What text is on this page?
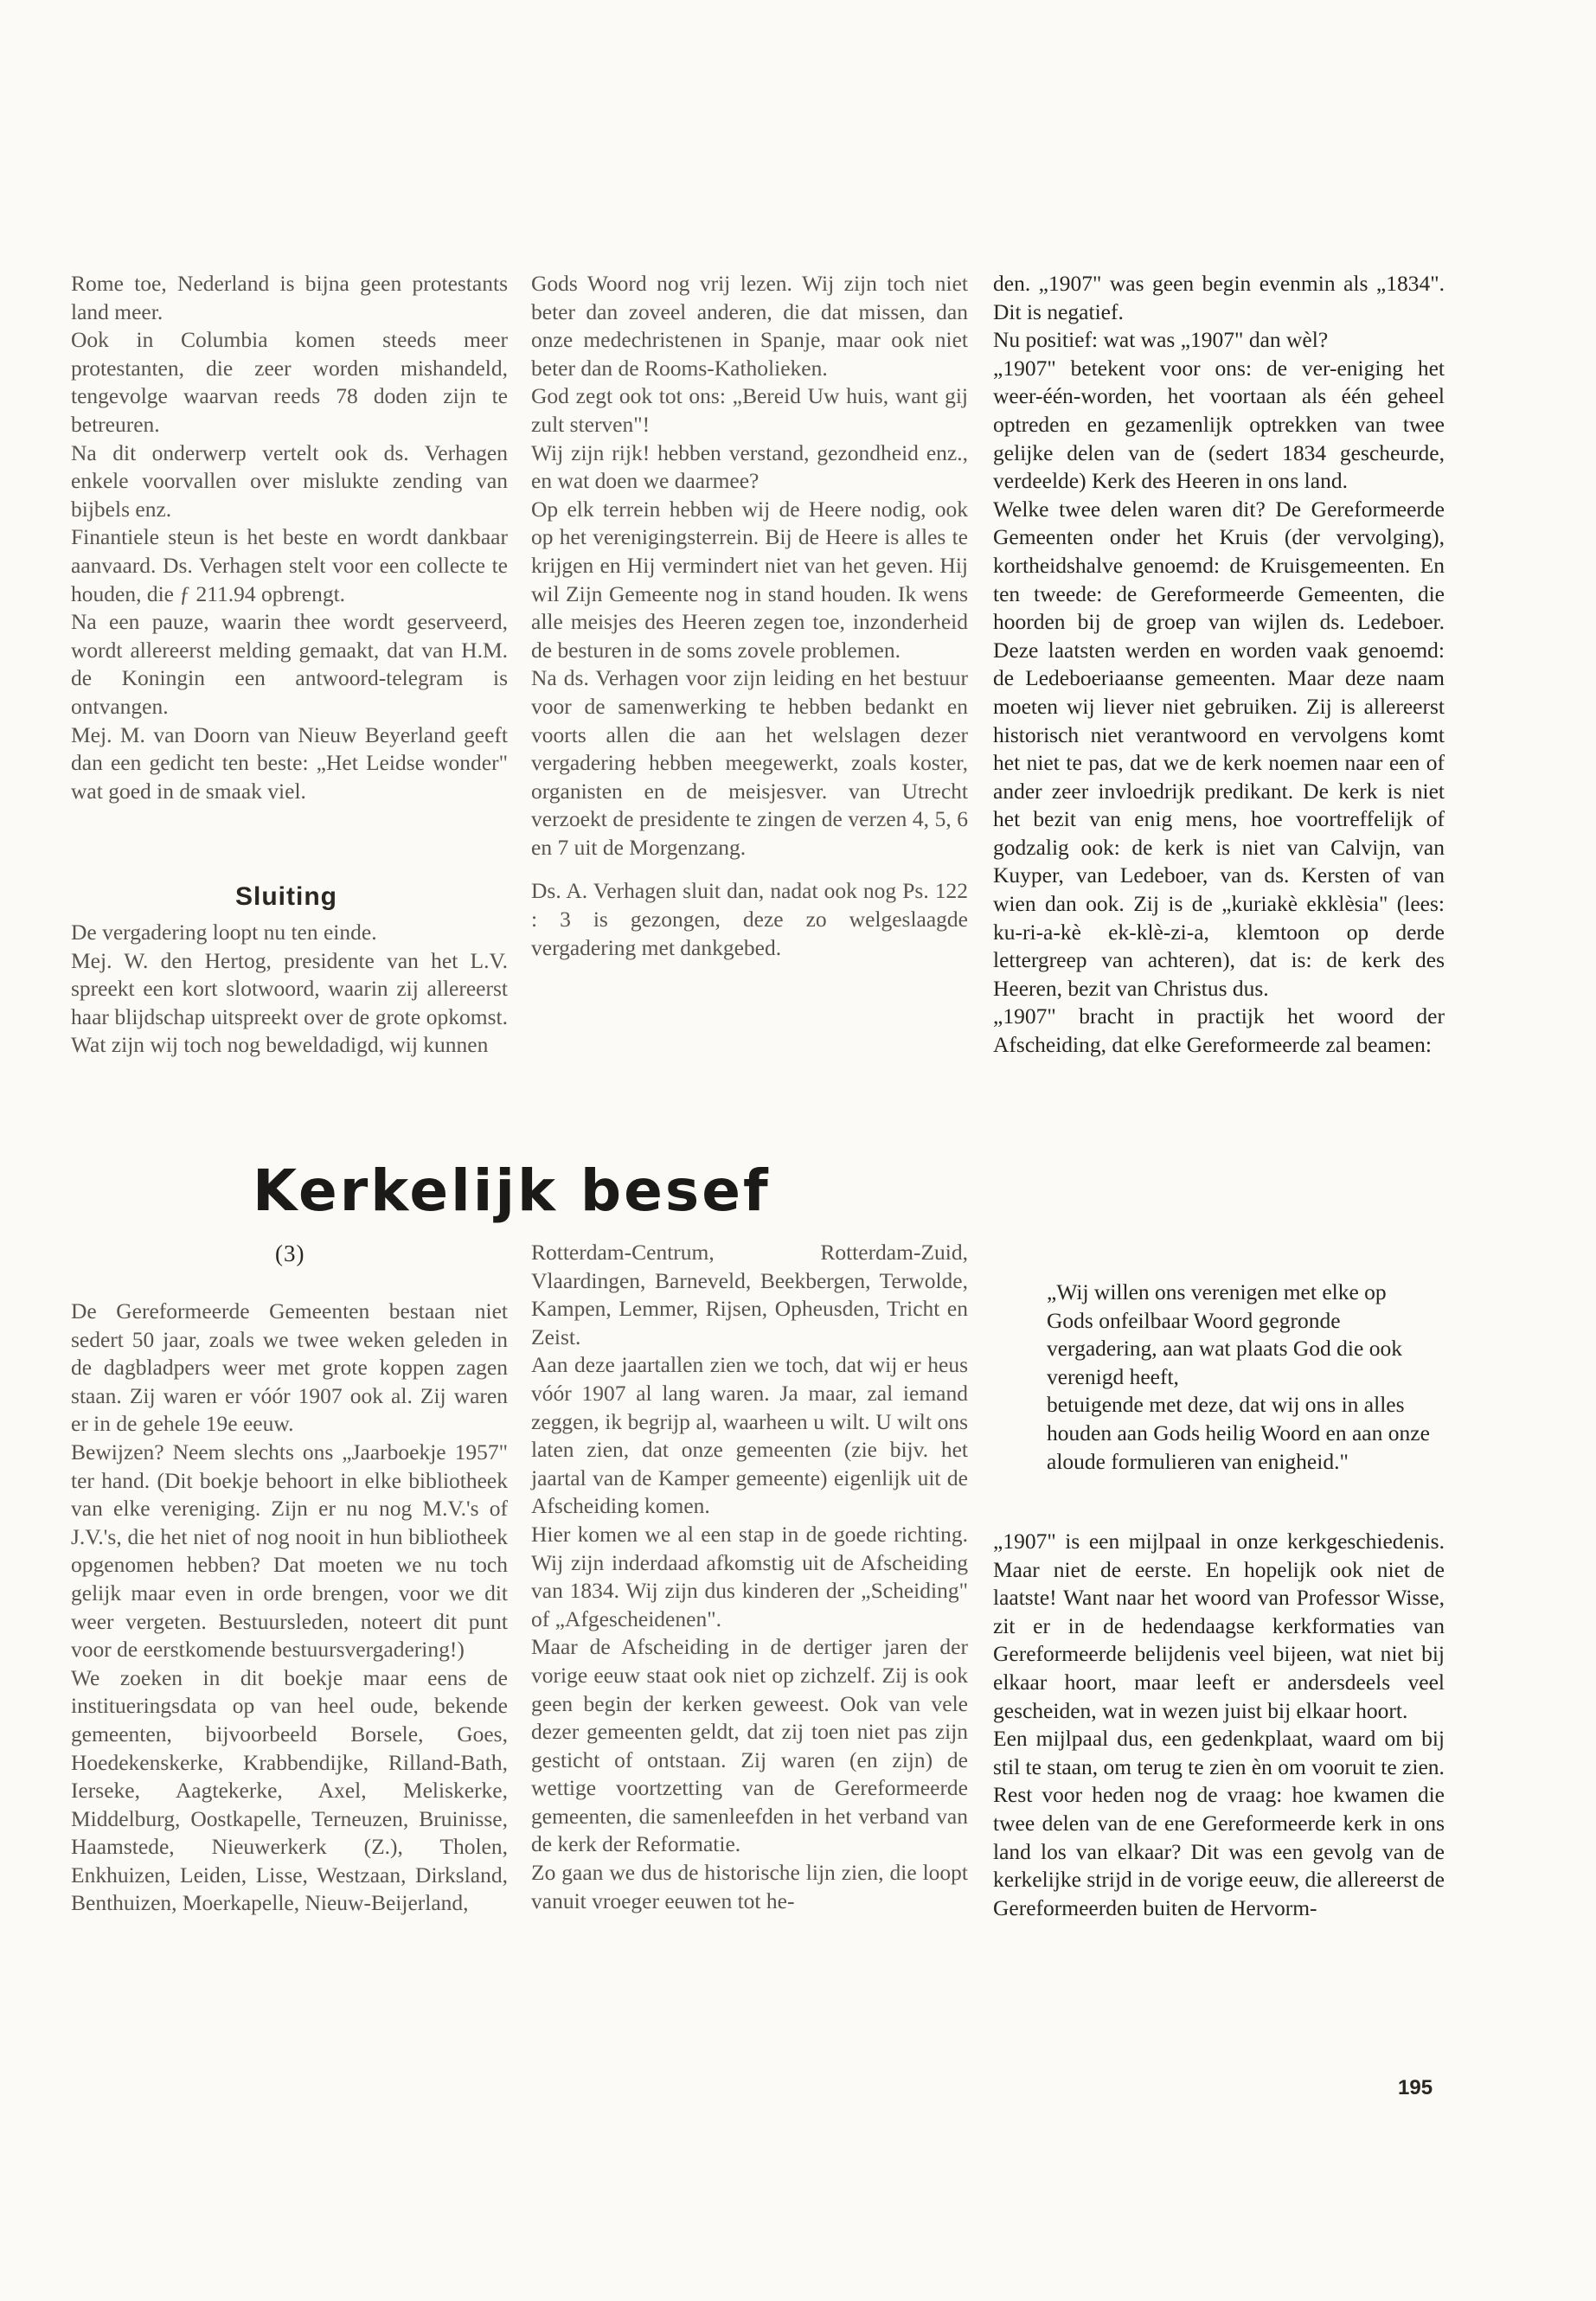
Rome toe, Nederland is bijna geen protestants land meer.

Ook in Columbia komen steeds meer protestanten, die zeer worden mishandeld, tengevolge waarvan reeds 78 doden zijn te betreuren.

Na dit onderwerp vertelt ook ds. Verhagen enkele voorvallen over mislukte zending van bijbels enz.

Finantiele steun is het beste en wordt dankbaar aanvaard. Ds. Verhagen stelt voor een collecte te houden, die ƒ 211.94 opbrengt.

Na een pauze, waarin thee wordt geserveerd, wordt allereerst melding gemaakt, dat van H.M. de Koningin een antwoord-telegram is ontvangen.

Mej. M. van Doorn van Nieuw Beyerland geeft dan een gedicht ten beste: „Het Leidse wonder" wat goed in de smaak viel.

Sluiting

De vergadering loopt nu ten einde.

Mej. W. den Hertog, presidente van het L.V. spreekt een kort slotwoord, waarin zij allereerst haar blijdschap uitspreekt over de grote opkomst. Wat zijn wij toch nog beweldadigd, wij kunnen

Gods Woord nog vrij lezen. Wij zijn toch niet beter dan zoveel anderen, die dat missen, dan onze medechristenen in Spanje, maar ook niet beter dan de Rooms-Katholieken.

God zegt ook tot ons: „Bereid Uw huis, want gij zult sterven"!

Wij zijn rijk! hebben verstand, gezondheid enz., en wat doen we daarmee?

Op elk terrein hebben wij de Heere nodig, ook op het verenigingsterrein. Bij de Heere is alles te krijgen en Hij vermindert niet van het geven. Hij wil Zijn Gemeente nog in stand houden. Ik wens alle meisjes des Heeren zegen toe, inzonderheid de besturen in de soms zovele problemen.

Na ds. Verhagen voor zijn leiding en het bestuur voor de samenwerking te hebben bedankt en voorts allen die aan het welslagen dezer vergadering hebben meegewerkt, zoals koster, organisten en de meisjesver. van Utrecht verzoekt de presidente te zingen de verzen 4, 5, 6 en 7 uit de Morgenzang.

Ds. A. Verhagen sluit dan, nadat ook nog Ps. 122 : 3 is gezongen, deze zo welgeslaagde vergadering met dankgebed.

den. „1907" was geen begin evenmin als „1834". Dit is negatief.

Nu positief: wat was „1907" dan wèl?

„1907" betekent voor ons: de ver-eniging het weer-één-worden, het voortaan als één geheel optreden en gezamenlijk optrekken van twee gelijke delen van de (sedert 1834 gescheurde, verdeelde) Kerk des Heeren in ons land.

Welke twee delen waren dit? De Gereformeerde Gemeenten onder het Kruis (der vervolging), kortheidshalve genoemd: de Kruisgemeenten. En ten tweede: de Gereformeerde Gemeenten, die hoorden bij de groep van wijlen ds. Ledeboer. Deze laatsten werden en worden vaak genoemd: de Ledeboeriaanse gemeenten. Maar deze naam moeten wij liever niet gebruiken. Zij is allereerst historisch niet verantwoord en vervolgens komt het niet te pas, dat we de kerk noemen naar een of ander zeer invloedrijk predikant. De kerk is niet het bezit van enig mens, hoe voortreffelijk of godzalig ook: de kerk is niet van Calvijn, van Kuyper, van Ledeboer, van ds. Kersten of van wien dan ook. Zij is de „kuriakè ekklèsia" (lees: ku-ri-a-kè ek-klè-zi-a, klemtoon op derde lettergreep van achteren), dat is: de kerk des Heeren, bezit van Christus dus.

„1907" bracht in practijk het woord der Afscheiding, dat elke Gereformeerde zal beamen:

Kerkelijk besef
(3)

De Gereformeerde Gemeenten bestaan niet sedert 50 jaar, zoals we twee weken geleden in de dagbladpers weer met grote koppen zagen staan. Zij waren er vóór 1907 ook al. Zij waren er in de gehele 19e eeuw.

Bewijzen? Neem slechts ons „Jaarboekje 1957" ter hand. (Dit boekje behoort in elke bibliotheek van elke vereniging. Zijn er nu nog M.V.'s of J.V.'s, die het niet of nog nooit in hun bibliotheek opgenomen hebben? Dat moeten we nu toch gelijk maar even in orde brengen, voor we dit weer vergeten. Bestuursleden, noteert dit punt voor de eerstkomende bestuursvergadering!)

We zoeken in dit boekje maar eens de institueringsdata op van heel oude, bekende gemeenten, bijvoorbeeld Borsele, Goes, Hoedekenskerke, Krabbendijke, Rilland-Bath, Ierseke, Aagtekerke, Axel, Meliskerke, Middelburg, Oostkapelle, Terneuzen, Bruinisse, Haamstede, Nieuwerkerk (Z.), Tholen, Enkhuizen, Leiden, Lisse, Westzaan, Dirksland, Benthuizen, Moerkapelle, Nieuw-Beijerland,

Rotterdam-Centrum, Rotterdam-Zuid, Vlaardingen, Barneveld, Beekbergen, Terwolde, Kampen, Lemmer, Rijsen, Opheusden, Tricht en Zeist.

Aan deze jaartallen zien we toch, dat wij er heus vóór 1907 al lang waren. Ja maar, zal iemand zeggen, ik begrijp al, waarheen u wilt. U wilt ons laten zien, dat onze gemeenten (zie bijv. het jaartal van de Kamper gemeente) eigenlijk uit de Afscheiding komen.

Hier komen we al een stap in de goede richting. Wij zijn inderdaad afkomstig uit de Afscheiding van 1834. Wij zijn dus kinderen der „Scheiding" of „Afgescheidenen".

Maar de Afscheiding in de dertiger jaren der vorige eeuw staat ook niet op zichzelf. Zij is ook geen begin der kerken geweest. Ook van vele dezer gemeenten geldt, dat zij toen niet pas zijn gesticht of ontstaan. Zij waren (en zijn) de wettige voortzetting van de Gereformeerde gemeenten, die samenleefden in het verband van de kerk der Reformatie.

Zo gaan we dus de historische lijn zien, die loopt vanuit vroeger eeuwen tot he-

„Wij willen ons verenigen met elke op Gods onfeilbaar Woord gegronde vergadering, aan wat plaats God die ook verenigd heeft,

betuigende met deze, dat wij ons in alles houden aan Gods heilig Woord en aan onze aloude formulieren van enigheid."

„1907" is een mijlpaal in onze kerkgeschiedenis. Maar niet de eerste. En hopelijk ook niet de laatste! Want naar het woord van Professor Wisse, zit er in de hedendaagse kerkformaties van Gereformeerde belijdenis veel bijeen, wat niet bij elkaar hoort, maar leeft er andersdeels veel gescheiden, wat in wezen juist bij elkaar hoort.

Een mijlpaal dus, een gedenkplaat, waard om bij stil te staan, om terug te zien èn om vooruit te zien.

Rest voor heden nog de vraag: hoe kwamen die twee delen van de ene Gereformeerde kerk in ons land los van elkaar? Dit was een gevolg van de kerkelijke strijd in de vorige eeuw, die allereerst de Gereformeerden buiten de Hervorm-

195
